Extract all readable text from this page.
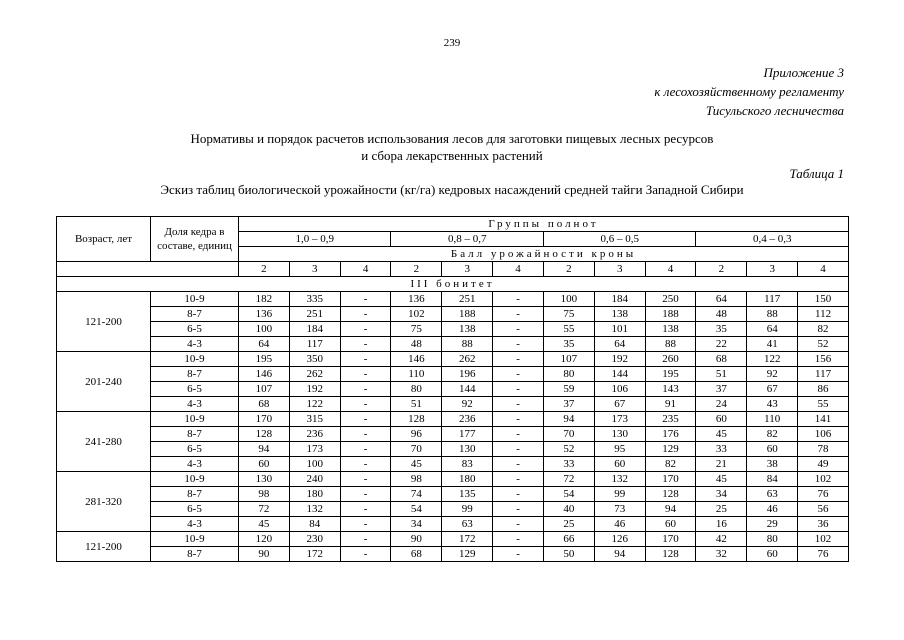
239
Приложение 3
к лесохозяйственному регламенту
Тисульского лесничества
Нормативы и порядок расчетов использования лесов для заготовки пищевых лесных ресурсов
и сбора лекарственных растений
Таблица 1
Эскиз таблиц биологической урожайности (кг/га) кедровых насаждений средней тайги Западной Сибири
Возраст, лет	Доля кедра в составе, единиц	Группы полнот											
		1,0 – 0,9			0,8 – 0,7			0,6 – 0,5			0,4 – 0,3		
		Балл урожайности кроны											
		2	3	4	2	3	4	2	3	4	2	3	4
III бонитет													
121-200	10-9	182	335	-	136	251	-	100	184	250	64	117	150
	8-7	136	251	-	102	188	-	75	138	188	48	88	112
	6-5	100	184	-	75	138	-	55	101	138	35	64	82
	4-3	64	117	-	48	88	-	35	64	88	22	41	52
201-240	10-9	195	350	-	146	262	-	107	192	260	68	122	156
	8-7	146	262	-	110	196	-	80	144	195	51	92	117
	6-5	107	192	-	80	144	-	59	106	143	37	67	86
	4-3	68	122	-	51	92	-	37	67	91	24	43	55
241-280	10-9	170	315	-	128	236	-	94	173	235	60	110	141
	8-7	128	236	-	96	177	-	70	130	176	45	82	106
	6-5	94	173	-	70	130	-	52	95	129	33	60	78
	4-3	60	100	-	45	83	-	33	60	82	21	38	49
281-320	10-9	130	240	-	98	180	-	72	132	170	45	84	102
	8-7	98	180	-	74	135	-	54	99	128	34	63	76
	6-5	72	132	-	54	99	-	40	73	94	25	46	56
	4-3	45	84	-	34	63	-	25	46	60	16	29	36
121-200	10-9	120	230	-	90	172	-	66	126	170	42	80	102
	8-7	90	172	-	68	129	-	50	94	128	32	60	76
